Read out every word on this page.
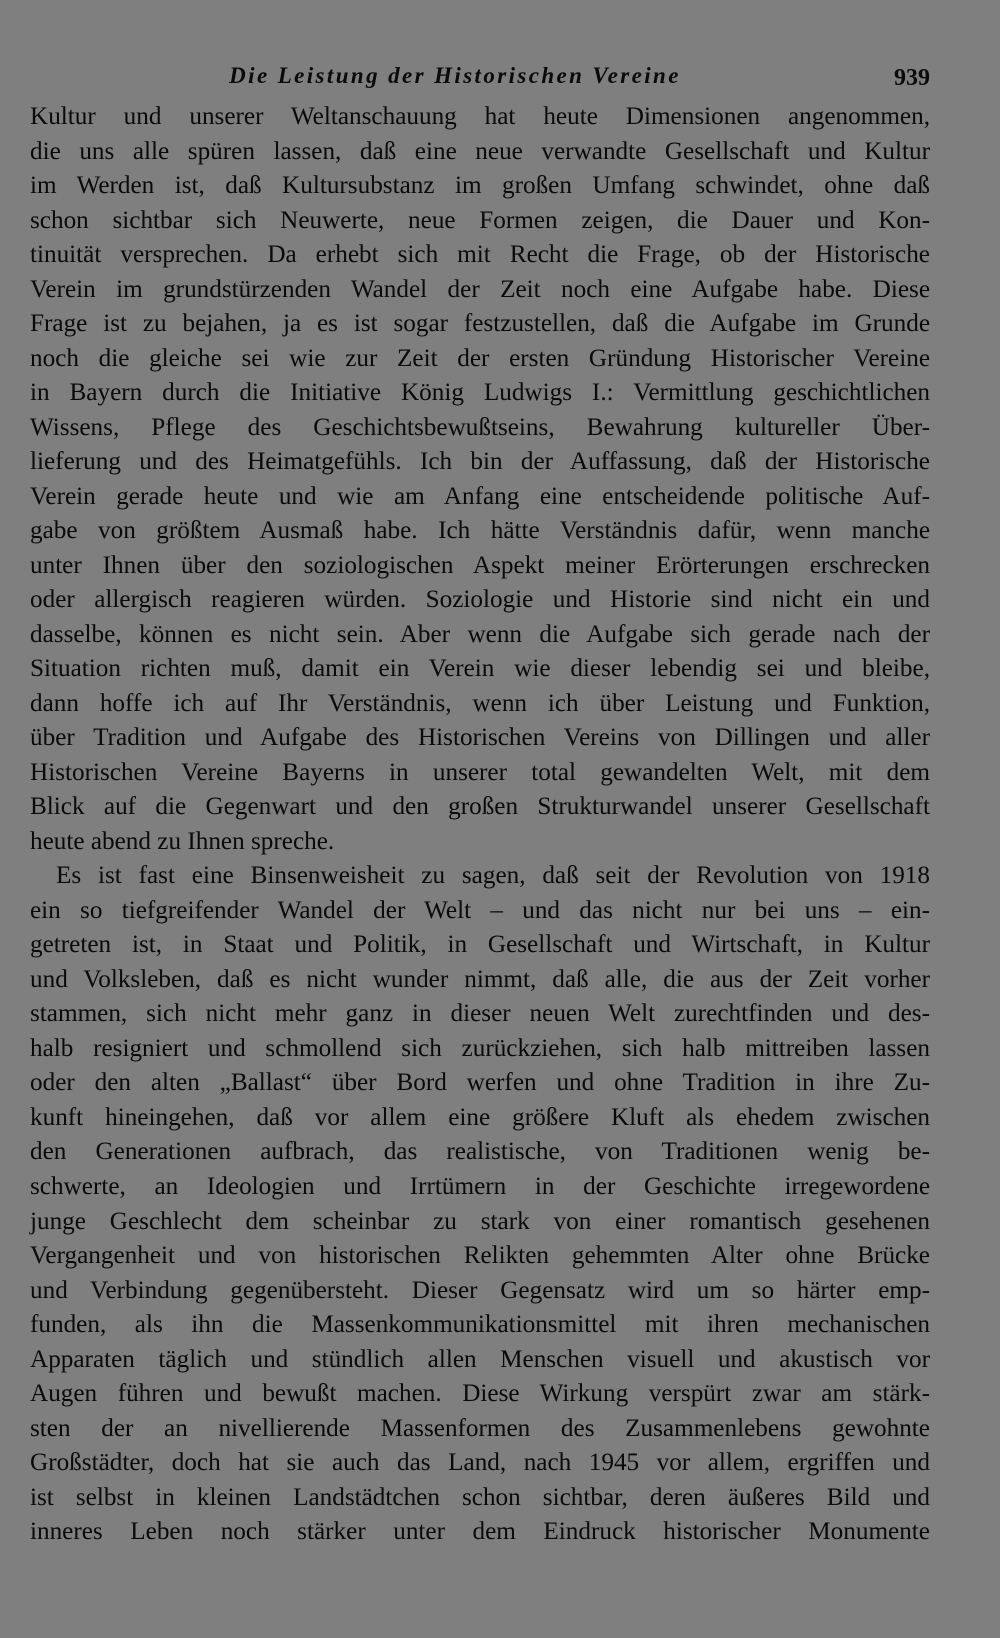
Die Leistung der Historischen Vereine	939
Kultur und unserer Weltanschauung hat heute Dimensionen angenommen,
die uns alle spüren lassen, daß eine neue verwandte Gesellschaft und Kultur
im Werden ist, daß Kultursubstanz im großen Umfang schwindet, ohne daß
schon sichtbar sich Neuwerte, neue Formen zeigen, die Dauer und Kon-
tinuität versprechen. Da erhebt sich mit Recht die Frage, ob der Historische
Verein im grundstürzenden Wandel der Zeit noch eine Aufgabe habe. Diese
Frage ist zu bejahen, ja es ist sogar festzustellen, daß die Aufgabe im Grunde
noch die gleiche sei wie zur Zeit der ersten Gründung Historischer Vereine
in Bayern durch die Initiative König Ludwigs I.: Vermittlung geschichtlichen
Wissens, Pflege des Geschichtsbewußtseins, Bewahrung kultureller Über-
lieferung und des Heimatgefühls. Ich bin der Auffassung, daß der Historische
Verein gerade heute und wie am Anfang eine entscheidende politische Auf-
gabe von größtem Ausmaß habe. Ich hätte Verständnis dafür, wenn manche
unter Ihnen über den soziologischen Aspekt meiner Erörterungen erschrecken
oder allergisch reagieren würden. Soziologie und Historie sind nicht ein und
dasselbe, können es nicht sein. Aber wenn die Aufgabe sich gerade nach der
Situation richten muß, damit ein Verein wie dieser lebendig sei und bleibe,
dann hoffe ich auf Ihr Verständnis, wenn ich über Leistung und Funktion,
über Tradition und Aufgabe des Historischen Vereins von Dillingen und aller
Historischen Vereine Bayerns in unserer total gewandelten Welt, mit dem
Blick auf die Gegenwart und den großen Strukturwandel unserer Gesellschaft
heute abend zu Ihnen spreche.
Es ist fast eine Binsenweisheit zu sagen, daß seit der Revolution von 1918
ein so tiefgreifender Wandel der Welt – und das nicht nur bei uns – ein-
getreten ist, in Staat und Politik, in Gesellschaft und Wirtschaft, in Kultur
und Volksleben, daß es nicht wunder nimmt, daß alle, die aus der Zeit vorher
stammen, sich nicht mehr ganz in dieser neuen Welt zurechtfinden und des-
halb resigniert und schmollend sich zurückziehen, sich halb mittreiben lassen
oder den alten „Ballast“ über Bord werfen und ohne Tradition in ihre Zu-
kunft hineingehen, daß vor allem eine größere Kluft als ehedem zwischen
den Generationen aufbrach, das realistische, von Traditionen wenig be-
schwerte, an Ideologien und Irrtümern in der Geschichte irregewordene
junge Geschlecht dem scheinbar zu stark von einer romantisch gesehenen
Vergangenheit und von historischen Relikten gehemmten Alter ohne Brücke
und Verbindung gegenübersteht. Dieser Gegensatz wird um so härter emp-
funden, als ihn die Massenkommunikationsmittel mit ihren mechanischen
Apparaten täglich und stündlich allen Menschen visuell und akustisch vor
Augen führen und bewußt machen. Diese Wirkung verspürt zwar am stärk-
sten der an nivellierende Massenformen des Zusammenlebens gewohnte
Großstädter, doch hat sie auch das Land, nach 1945 vor allem, ergriffen und
ist selbst in kleinen Landstädtchen schon sichtbar, deren äußeres Bild und
inneres Leben noch stärker unter dem Eindruck historischer Monumente
